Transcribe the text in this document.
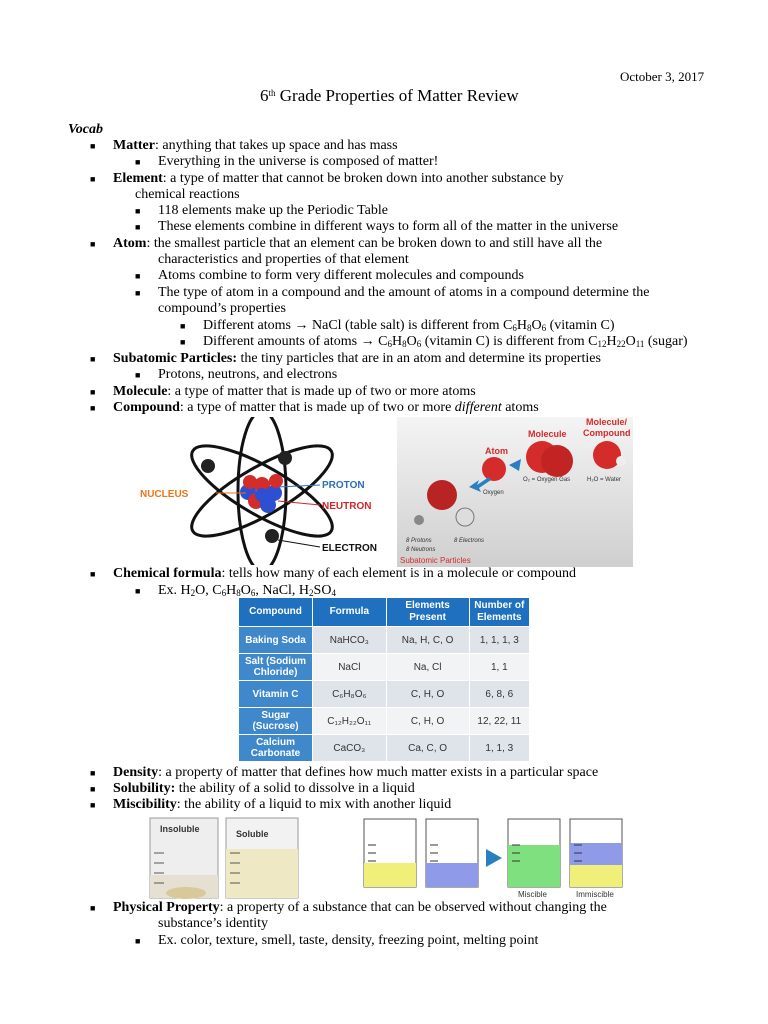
October 3, 2017
6th Grade Properties of Matter Review
Vocab
■ Matter: anything that takes up space and has mass
■ Everything in the universe is composed of matter!
■ Element: a type of matter that cannot be broken down into another substance by
chemical reactions
■ 118 elements make up the Periodic Table
■ These elements combine in different ways to form all of the matter in the universe
■ Atom: the smallest particle that an element can be broken down to and still have all the
characteristics and properties of that element
■ Atoms combine to form very different molecules and compounds
■ The type of atom in a compound and the amount of atoms in a compound determine the
compound’s properties
■ Different atoms → NaCl (table salt) is different from $C_6H_8O_6$ (vitamin C)
■ Different amounts of atoms → $C_6H_8O_6$ (vitamin C) is different from $C_{12}H_{22}O_{11}$ (sugar)
■ Subatomic Particles: the tiny particles that are in an atom and determine its properties
■ Protons, neutrons, and electrons
■ Molecule: a type of matter that is made up of two or more atoms
■ Compound: a type of matter that is made up of two or more different atoms
NUCLEUS
PROTON
NEUTRON
ELECTRON
Atom
Molecule
Molecule/ Compound
Oxygen
O₂ = Oxygen Gas	H₂O = Water
8 Protons	8 Electrons
8 Neutrons
Subatomic Particles
■ Chemical formula: tells how many of each element is in a molecule or compound
■ Ex. $H_2O$, $C_6H_8O_6$, NaCl, $H_2SO_4$
Compound	Formula	Elements Present	Number of Elements
Baking Soda	NaHCO₃	Na, H, C, O	1, 1, 1, 3
Salt (Sodium Chloride)	NaCl	Na, Cl	1, 1
Vitamin C	C₆H₈O₆	C, H, O	6, 8, 6
Sugar (Sucrose)	C₁₂H₂₂O₁₁	C, H, O	12, 22, 11
Calcium Carbonate	CaCO₃	Ca, C, O	1, 1, 3
■ Density: a property of matter that defines how much matter exists in a particular space
■ Solubility: the ability of a solid to dissolve in a liquid
■ Miscibility: the ability of a liquid to mix with another liquid
Insoluble	Soluble
Miscible	Immiscible
■ Physical Property: a property of a substance that can be observed without changing the
substance’s identity
■ Ex. color, texture, smell, taste, density, freezing point, melting point
